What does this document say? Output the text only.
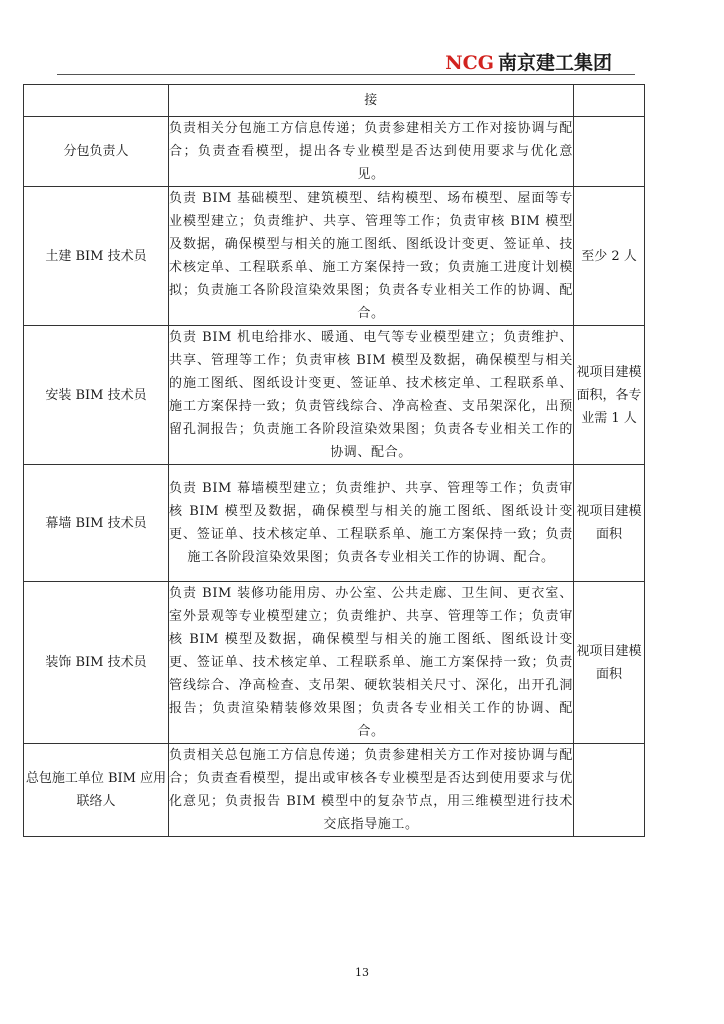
NCG 南京建工集团
	接	
分包负责人	负责相关分包施工方信息传递；负责参建相关方工作对接协调与配合；负责查看模型，提出各专业模型是否达到使用要求与优化意见。	
土建 BIM 技术员	负责 BIM 基础模型、建筑模型、结构模型、场布模型、屋面等专业模型建立；负责维护、共享、管理等工作；负责审核 BIM 模型及数据，确保模型与相关的施工图纸、图纸设计变更、签证单、技术核定单、工程联系单、施工方案保持一致；负责施工进度计划模拟；负责施工各阶段渲染效果图；负责各专业相关工作的协调、配合。	至少 2 人
安装 BIM 技术员	负责 BIM 机电给排水、暖通、电气等专业模型建立；负责维护、共享、管理等工作；负责审核 BIM 模型及数据，确保模型与相关的施工图纸、图纸设计变更、签证单、技术核定单、工程联系单、施工方案保持一致；负责管线综合、净高检查、支吊架深化，出预留孔洞报告；负责施工各阶段渲染效果图；负责各专业相关工作的协调、配合。	视项目建模面积，各专业需 1 人
幕墙 BIM 技术员	负责 BIM 幕墙模型建立；负责维护、共享、管理等工作；负责审核 BIM 模型及数据，确保模型与相关的施工图纸、图纸设计变更、签证单、技术核定单、工程联系单、施工方案保持一致；负责施工各阶段渲染效果图；负责各专业相关工作的协调、配合。	视项目建模面积
装饰 BIM 技术员	负责 BIM 装修功能用房、办公室、公共走廊、卫生间、更衣室、室外景观等专业模型建立；负责维护、共享、管理等工作；负责审核 BIM 模型及数据，确保模型与相关的施工图纸、图纸设计变更、签证单、技术核定单、工程联系单、施工方案保持一致；负责管线综合、净高检查、支吊架、硬软装相关尺寸、深化，出开孔洞报告；负责渲染精装修效果图；负责各专业相关工作的协调、配合。	视项目建模面积
总包施工单位 BIM 应用联络人	负责相关总包施工方信息传递；负责参建相关方工作对接协调与配合；负责查看模型，提出或审核各专业模型是否达到使用要求与优化意见；负责报告 BIM 模型中的复杂节点，用三维模型进行技术交底指导施工。	
13
